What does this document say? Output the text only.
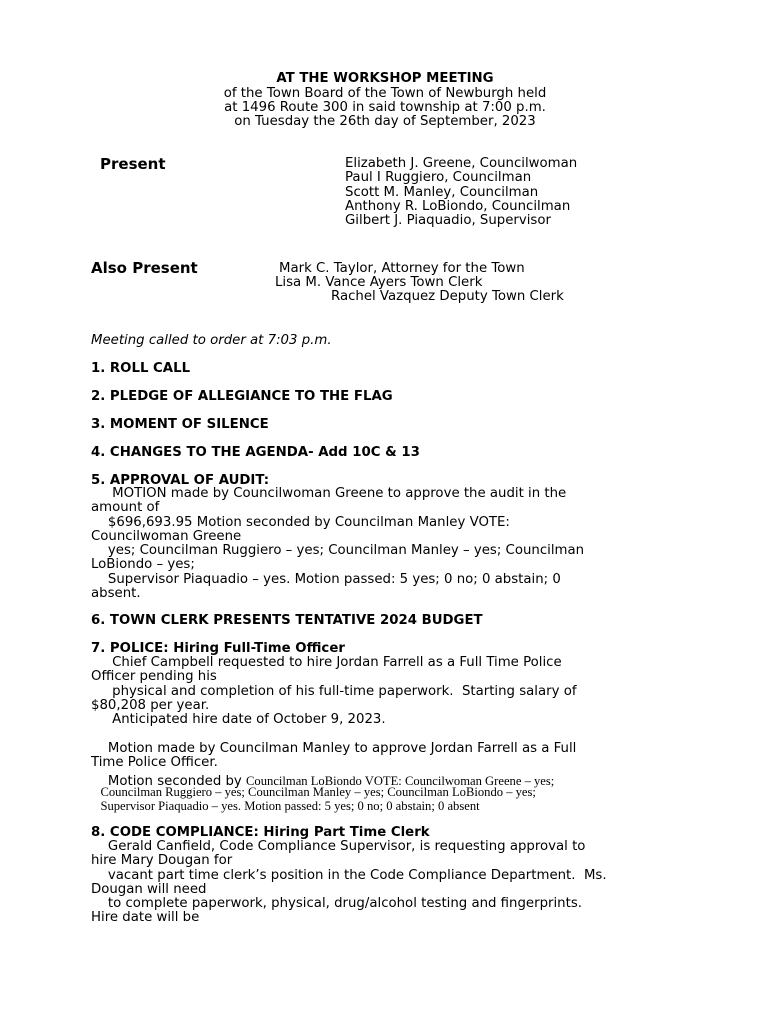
AT THE WORKSHOP MEETING
of the Town Board of the Town of Newburgh held
at 1496 Route 300 in said township at 7:00 p.m.
on Tuesday the 26th day of September, 2023
Present	Elizabeth J. Greene, Councilwoman
Paul I Ruggiero, Councilman
Scott M. Manley, Councilman
Anthony R. LoBiondo, Councilman
Gilbert J. Piaquadio, Supervisor
Also Present	Mark C. Taylor, Attorney for the Town
Lisa M. Vance Ayers Town Clerk
Rachel Vazquez Deputy Town Clerk
Meeting called to order at 7:03 p.m.
1. ROLL CALL
2. PLEDGE OF ALLEGIANCE TO THE FLAG
3. MOMENT OF SILENCE
4. CHANGES TO THE AGENDA- Add 10C & 13
5. APPROVAL OF AUDIT:
MOTION made by Councilwoman Greene to approve the audit in the
amount of
$696,693.95 Motion seconded by Councilman Manley VOTE:
Councilwoman Greene
yes; Councilman Ruggiero – yes; Councilman Manley – yes; Councilman
LoBiondo – yes;
Supervisor Piaquadio – yes. Motion passed: 5 yes; 0 no; 0 abstain; 0
absent.
6. TOWN CLERK PRESENTS TENTATIVE 2024 BUDGET
7. POLICE: Hiring Full-Time Officer
Chief Campbell requested to hire Jordan Farrell as a Full Time Police
Officer pending his
physical and completion of his full-time paperwork.  Starting salary of
$80,208 per year.
Anticipated hire date of October 9, 2023.
Motion made by Councilman Manley to approve Jordan Farrell as a Full
Time Police Officer.
Motion seconded by Councilman LoBiondo VOTE: Councilwoman Greene – yes;
Councilman Ruggiero – yes; Councilman Manley – yes; Councilman LoBiondo – yes;
Supervisor Piaquadio – yes. Motion passed: 5 yes; 0 no; 0 abstain; 0 absent
8. CODE COMPLIANCE: Hiring Part Time Clerk
Gerald Canfield, Code Compliance Supervisor, is requesting approval to
hire Mary Dougan for
vacant part time clerk’s position in the Code Compliance Department.  Ms.
Dougan will need
to complete paperwork, physical, drug/alcohol testing and fingerprints.
Hire date will be
